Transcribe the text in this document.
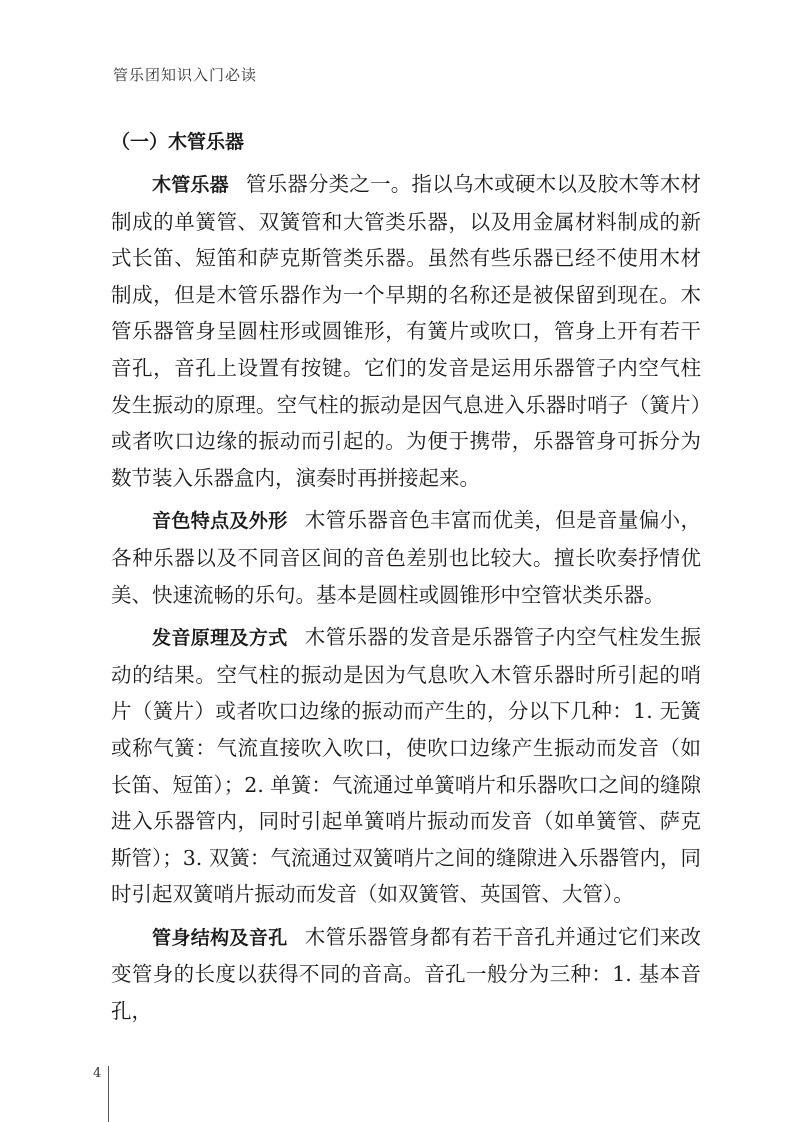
管乐团知识入门必读
（一）木管乐器

木管乐器 管乐器分类之一。指以乌木或硬木以及胶木等木材制成的单簧管、双簧管和大管类乐器，以及用金属材料制成的新式长笛、短笛和萨克斯管类乐器。虽然有些乐器已经不使用木材制成，但是木管乐器作为一个早期的名称还是被保留到现在。木管乐器管身呈圆柱形或圆锥形，有簧片或吹口，管身上开有若干音孔，音孔上设置有按键。它们的发音是运用乐器管子内空气柱发生振动的原理。空气柱的振动是因气息进入乐器时哨子（簧片）或者吹口边缘的振动而引起的。为便于携带，乐器管身可拆分为数节装入乐器盒内，演奏时再拼接起来。

音色特点及外形 木管乐器音色丰富而优美，但是音量偏小，各种乐器以及不同音区间的音色差别也比较大。擅长吹奏抒情优美、快速流畅的乐句。基本是圆柱或圆锥形中空管状类乐器。

发音原理及方式 木管乐器的发音是乐器管子内空气柱发生振动的结果。空气柱的振动是因为气息吹入木管乐器时所引起的哨片（簧片）或者吹口边缘的振动而产生的，分以下几种：1. 无簧或称气簧：气流直接吹入吹口，使吹口边缘产生振动而发音（如长笛、短笛）；2. 单簧：气流通过单簧哨片和乐器吹口之间的缝隙进入乐器管内，同时引起单簧哨片振动而发音（如单簧管、萨克斯管）；3. 双簧：气流通过双簧哨片之间的缝隙进入乐器管内，同时引起双簧哨片振动而发音（如双簧管、英国管、大管）。

管身结构及音孔 木管乐器管身都有若干音孔并通过它们来改变管身的长度以获得不同的音高。音孔一般分为三种：1. 基本音孔，

4
